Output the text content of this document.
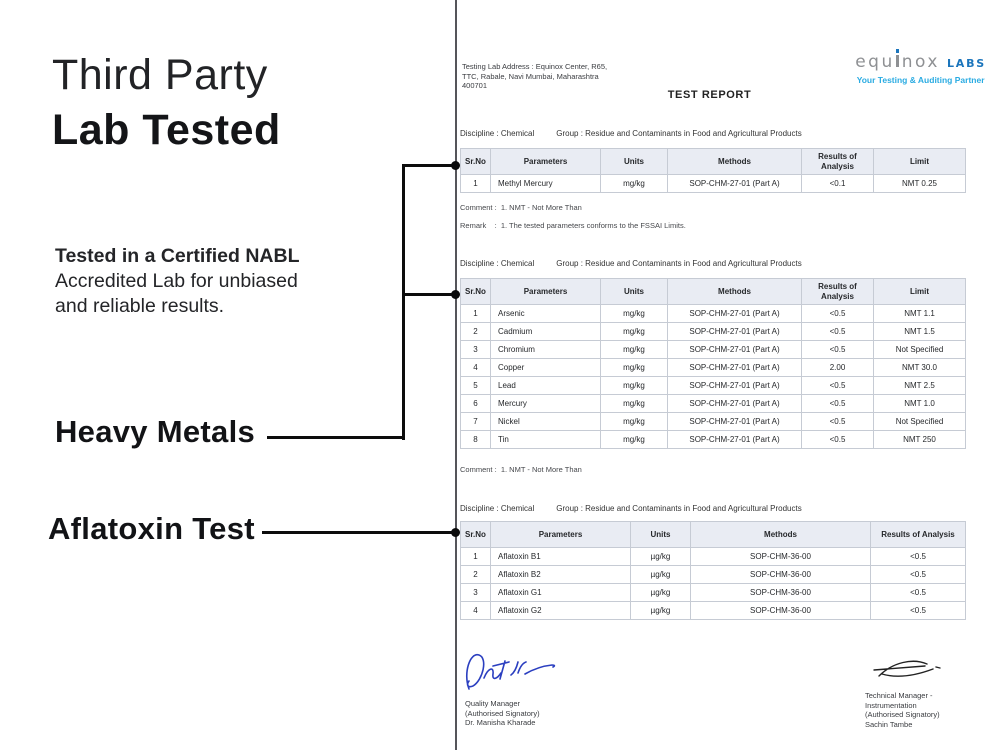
Third Party
Lab Tested

Tested in a Certified NABL
Accredited Lab for unbiased
and reliable results.

Heavy Metals
Aflatoxin Test
Testing Lab Address : Equinox Center, R65,
TTC, Rabale, Navi Mumbai, Maharashtra
400701
TEST REPORT
equ nox LABS
Your Testing & Auditing Partner
Discipline : Chemical	Group : Residue and Contaminants in Food and Agricultural Products
Sr.No	Parameters	Units	Methods	Results of Analysis	Limit
1	Methyl Mercury	mg/kg	SOP-CHM-27-01 (Part A)	<0.1	NMT 0.25
Comment :  1. NMT - Not More Than
Remark    :  1. The tested parameters conforms to the FSSAI Limits.
Discipline : Chemical	Group : Residue and Contaminants in Food and Agricultural Products
Sr.No	Parameters	Units	Methods	Results of Analysis	Limit
1	Arsenic	mg/kg	SOP-CHM-27-01 (Part A)	<0.5	NMT 1.1
2	Cadmium	mg/kg	SOP-CHM-27-01 (Part A)	<0.5	NMT 1.5
3	Chromium	mg/kg	SOP-CHM-27-01 (Part A)	<0.5	Not Specified
4	Copper	mg/kg	SOP-CHM-27-01 (Part A)	2.00	NMT 30.0
5	Lead	mg/kg	SOP-CHM-27-01 (Part A)	<0.5	NMT 2.5
6	Mercury	mg/kg	SOP-CHM-27-01 (Part A)	<0.5	NMT 1.0
7	Nickel	mg/kg	SOP-CHM-27-01 (Part A)	<0.5	Not Specified
8	Tin	mg/kg	SOP-CHM-27-01 (Part A)	<0.5	NMT 250
Comment :  1. NMT - Not More Than
Discipline : Chemical	Group : Residue and Contaminants in Food and Agricultural Products
Sr.No	Parameters	Units	Methods	Results of Analysis
1	Aflatoxin B1	µg/kg	SOP-CHM-36-00	<0.5
2	Aflatoxin B2	µg/kg	SOP-CHM-36-00	<0.5
3	Aflatoxin G1	µg/kg	SOP-CHM-36-00	<0.5
4	Aflatoxin G2	µg/kg	SOP-CHM-36-00	<0.5
Quality Manager
(Authorised Signatory)
Dr. Manisha Kharade
Technical Manager -
Instrumentation
(Authorised Signatory)
Sachin Tambe
